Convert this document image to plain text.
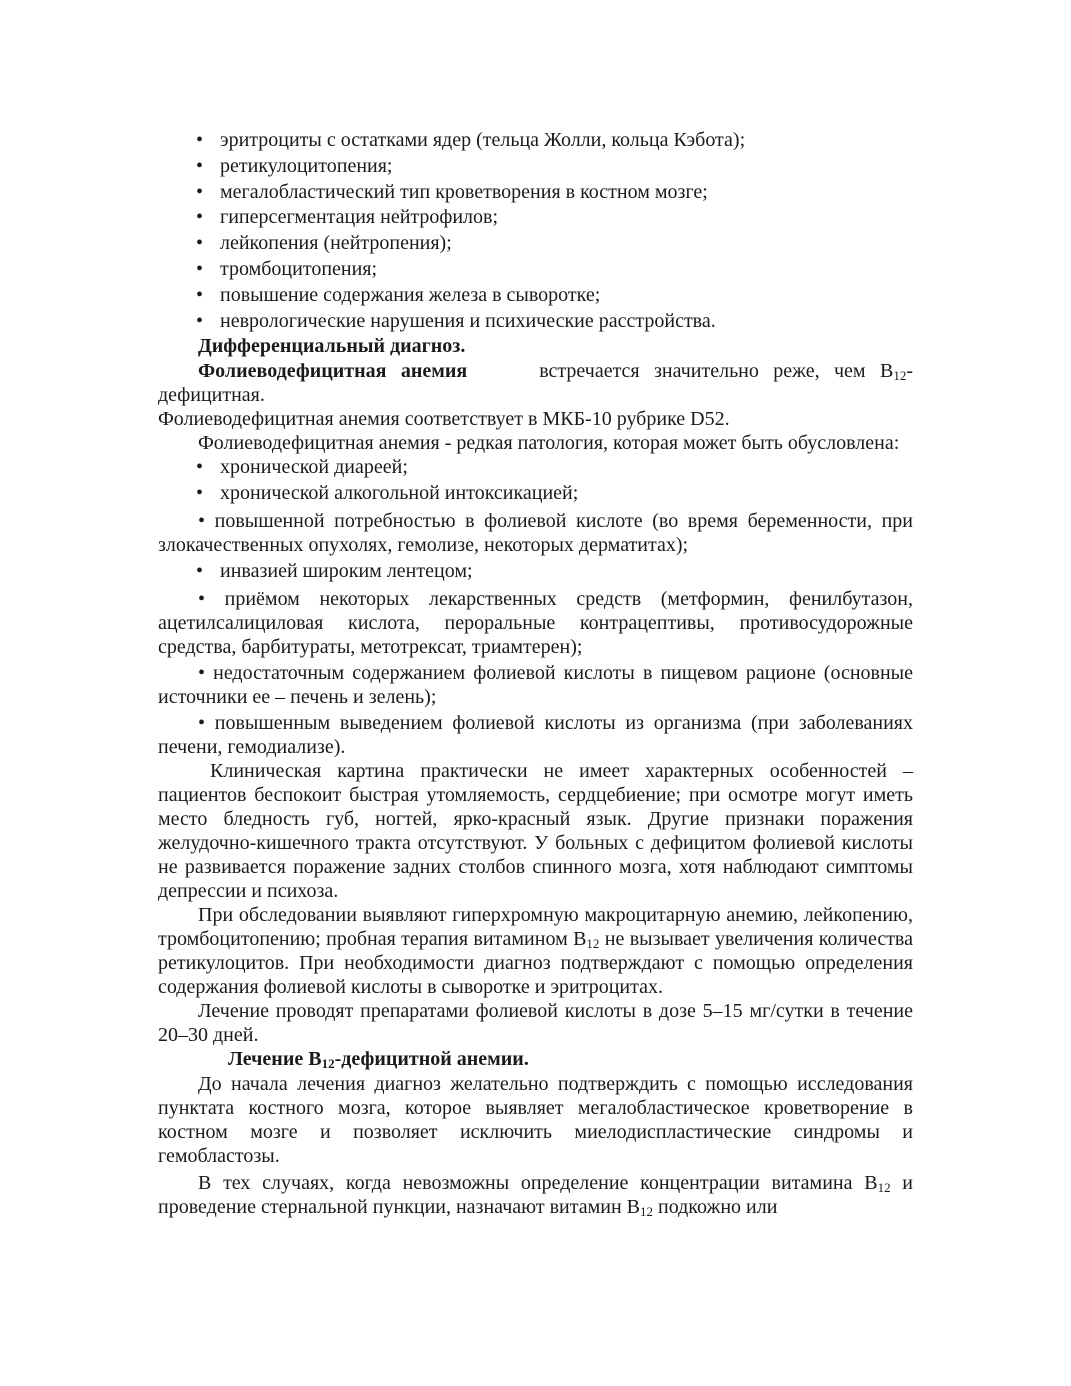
• эритроциты с остатками ядер (тельца Жолли, кольца Кэбота);
• ретикулоцитопения;
• мегалобластический тип кроветворения в костном мозге;
• гиперсегментация нейтрофилов;
• лейкопения (нейтропения);
• тромбоцитопения;
• повышение содержания железа в сыворотке;
• неврологические нарушения и психические расстройства.
Дифференциальный диагноз.
Фолиеводефицитная анемия	встречается значительно реже, чем $B_{12}-$
дефицитная.
Фолиеводефицитная анемия соответствует в МКБ-10 рубрике D52.
Фолиеводефицитная анемия - редкая патология, которая может быть обусловлена:
• хронической диареей;
• хронической алкогольной интоксикацией;
• повышенной потребностью в фолиевой кислоте (во время беременности, при злокачественных опухолях, гемолизе, некоторых дерматитах);
• инвазией широким лентецом;
• приёмом некоторых лекарственных средств (метформин, фенилбутазон, ацетилсалициловая кислота, пероральные контрацептивы, противосудорожные средства, барбитураты, метотрексат, триамтерен);
• недостаточным содержанием фолиевой кислоты в пищевом рационе (основные источники ее – печень и зелень);
• повышенным выведением фолиевой кислоты из организма (при заболеваниях печени, гемодиализе).
Клиническая картина практически не имеет характерных особенностей – пациентов беспокоит быстрая утомляемость, сердцебиение; при осмотре могут иметь место бледность губ, ногтей, ярко-красный язык. Другие признаки поражения желудочно-кишечного тракта отсутствуют. У больных с дефицитом фолиевой кислоты не развивается поражение задних столбов спинного мозга, хотя наблюдают симптомы депрессии и психоза.
При обследовании выявляют гиперхромную макроцитарную анемию, лейкопению, тромбоцитопению; пробная терапия витамином $B_{12}$ не вызывает увеличения количества ретикулоцитов. При необходимости диагноз подтверждают с помощью определения содержания фолиевой кислоты в сыворотке и эритроцитах.
Лечение проводят препаратами фолиевой кислоты в дозе 5–15 мг/сутки в течение 20–30 дней.
Лечение $B_{12}$-дефицитной анемии.
До начала лечения диагноз желательно подтверждить с помощью исследования пунктата костного мозга, которое выявляет мегалобластическое кроветворение в костном мозге и позволяет исключить миелодиспластические синдромы и гемобластозы.
В тех случаях, когда невозможны определение концентрации витамина $B_{12}$ и проведение стернальной пункции, назначают витамин $B_{12}$ подкожно или
